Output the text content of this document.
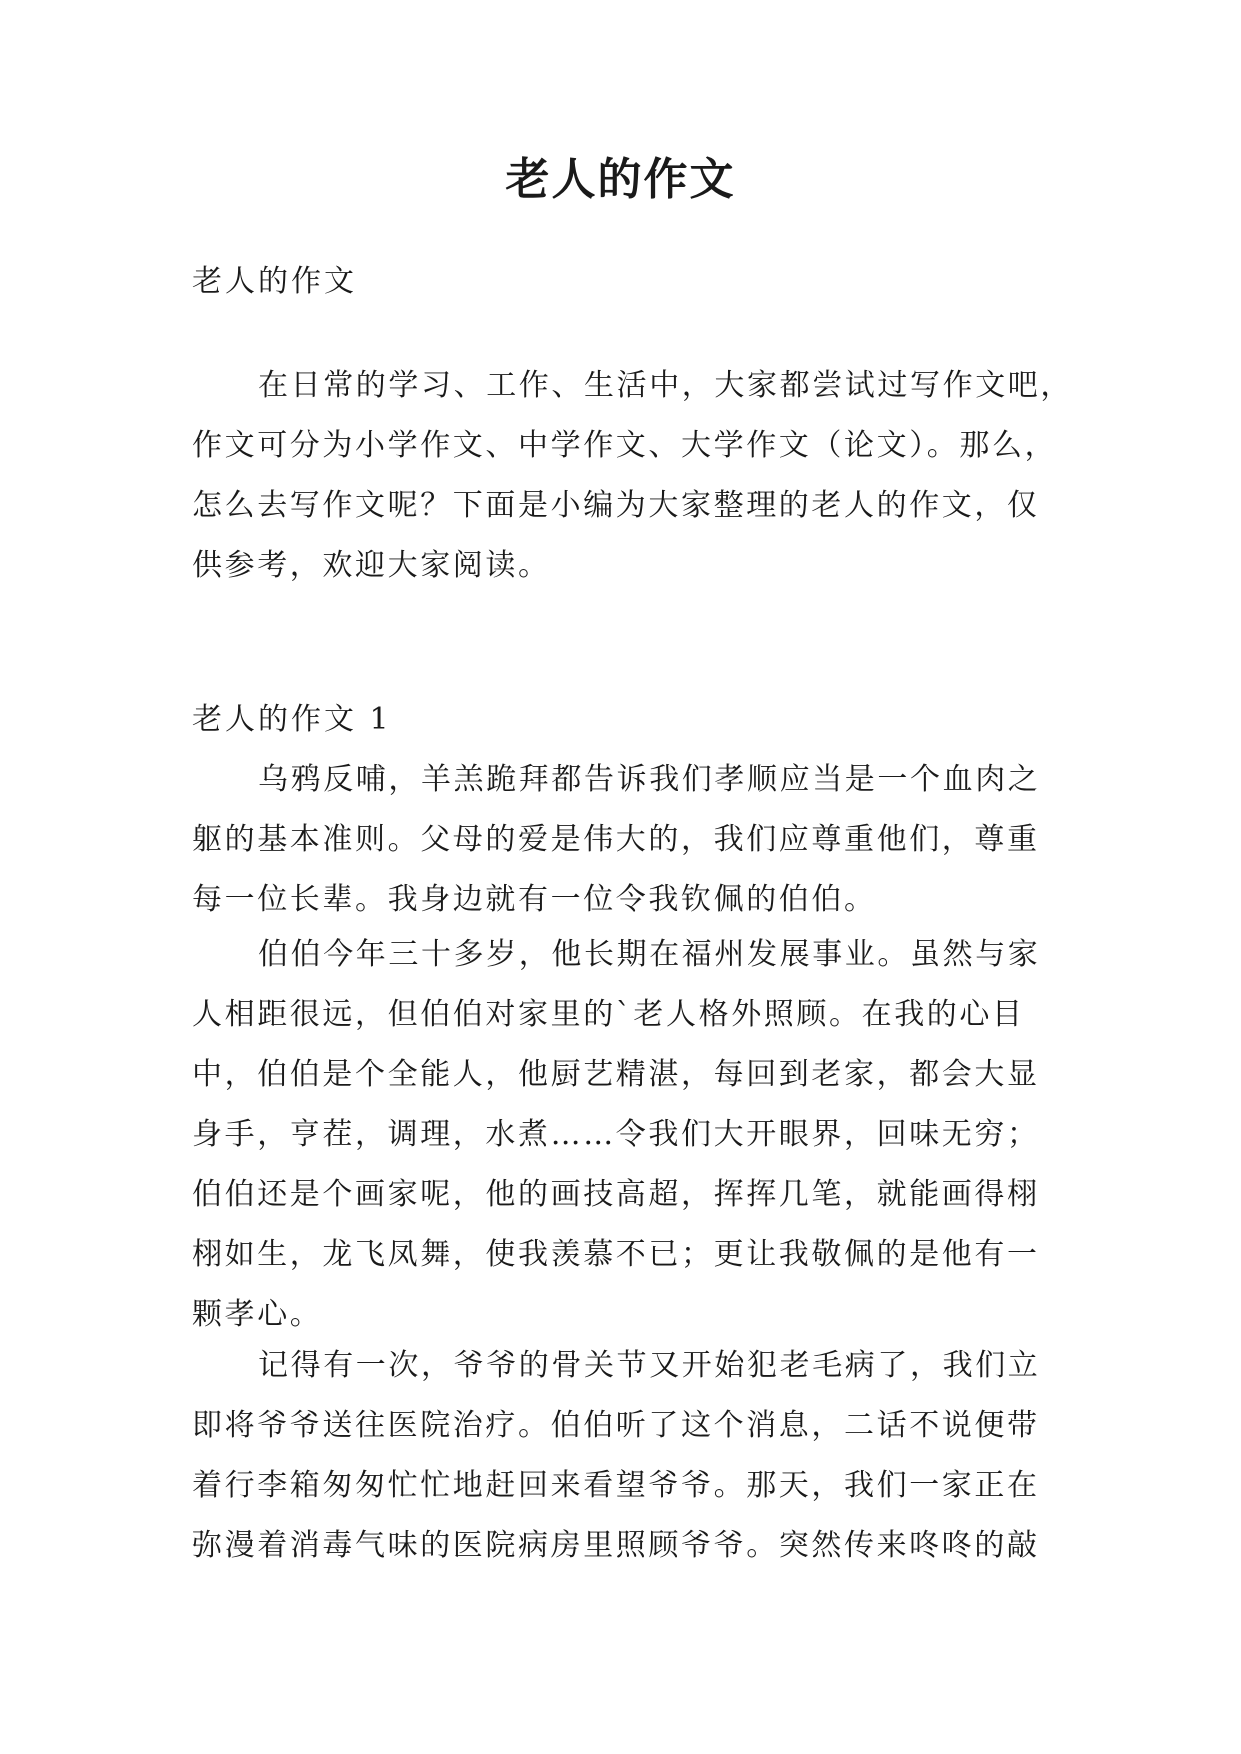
老人的作文
老人的作文
在日常的学习、工作、生活中，大家都尝试过写作文吧，
作文可分为小学作文、中学作文、大学作文（论文）。那么，
怎么去写作文呢？下面是小编为大家整理的老人的作文，仅
供参考，欢迎大家阅读。
老人的作文 1
乌鸦反哺，羊羔跪拜都告诉我们孝顺应当是一个血肉之
躯的基本准则。父母的爱是伟大的，我们应尊重他们，尊重
每一位长辈。我身边就有一位令我钦佩的伯伯。
伯伯今年三十多岁，他长期在福州发展事业。虽然与家
人相距很远，但伯伯对家里的`老人格外照顾。在我的心目
中，伯伯是个全能人，他厨艺精湛，每回到老家，都会大显
身手，亨茬，调理，水煮……令我们大开眼界，回味无穷；
伯伯还是个画家呢，他的画技高超，挥挥几笔，就能画得栩
栩如生，龙飞凤舞，使我羡慕不已；更让我敬佩的是他有一
颗孝心。
记得有一次，爷爷的骨关节又开始犯老毛病了，我们立
即将爷爷送往医院治疗。伯伯听了这个消息，二话不说便带
着行李箱匆匆忙忙地赶回来看望爷爷。那天，我们一家正在
弥漫着消毒气味的医院病房里照顾爷爷。突然传来咚咚的敲
